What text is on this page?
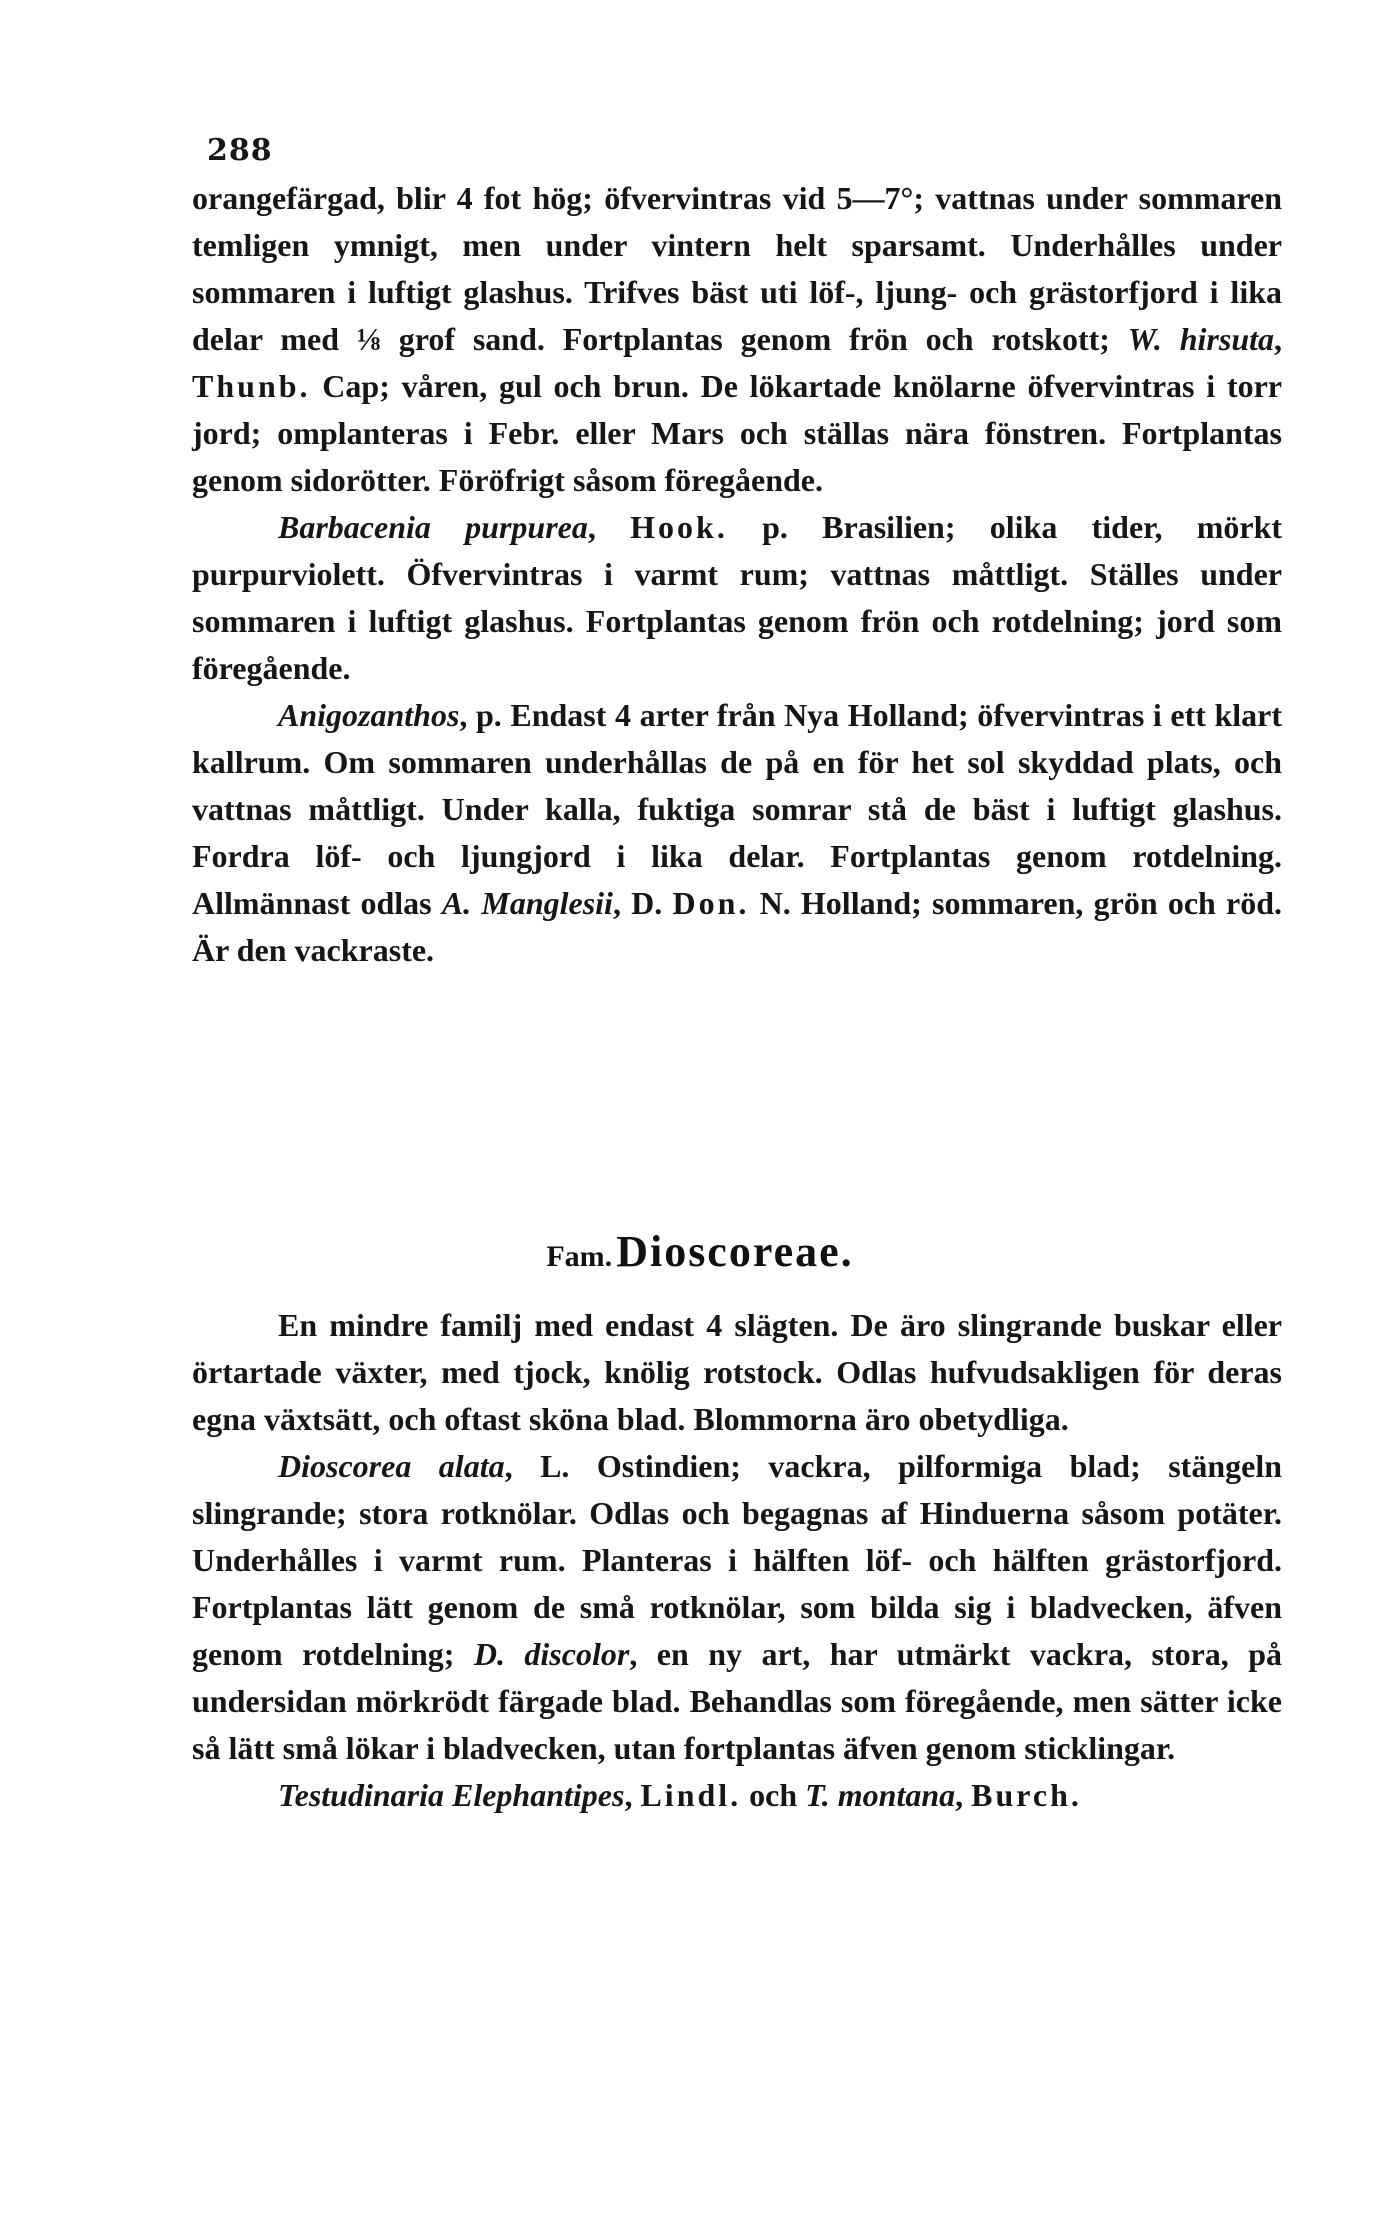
288

orangefärgad, blir 4 fot hög; öfvervintras vid 5—7°; vattnas under sommaren temligen ymnigt, men under vintern helt sparsamt. Underhålles under sommaren i luftigt glashus. Trifves bäst uti löf-, ljung- och grästorfjord i lika delar med ⅛ grof sand. Fortplantas genom frön och rotskott; W. hirsuta, Thunb. Cap; våren, gul och brun. De lökartade knölarne öfvervintras i torr jord; omplanteras i Febr. eller Mars och ställas nära fönstren. Fortplantas genom sidorötter. Föröfrigt såsom föregående.

Barbacenia purpurea, Hook. p. Brasilien; olika tider, mörkt purpurviolett. Öfvervintras i varmt rum; vattnas måttligt. Ställes under sommaren i luftigt glashus. Fortplantas genom frön och rotdelning; jord som föregående.

Anigozanthos, p. Endast 4 arter från Nya Holland; öfvervintras i ett klart kallrum. Om sommaren underhållas de på en för het sol skyddad plats, och vattnas måttligt. Under kalla, fuktiga somrar stå de bäst i luftigt glashus. Fordra löf- och ljungjord i lika delar. Fortplantas genom rotdelning. Allmännast odlas A. Manglesii, D. Don. N. Holland; sommaren, grön och röd. Är den vackraste.

Fam. Dioscoreae.

En mindre familj med endast 4 slägten. De äro slingrande buskar eller örtartade växter, med tjock, knölig rotstock. Odlas hufvudsakligen för deras egna växtsätt, och oftast sköna blad. Blommorna äro obetydliga.

Dioscorea alata, L. Ostindien; vackra, pilformiga blad; stängeln slingrande; stora rotknölar. Odlas och begagnas af Hinduerna såsom potäter. Underhålles i varmt rum. Planteras i hälften löf- och hälften grästorfjord. Fortplantas lätt genom de små rotknölar, som bilda sig i bladvecken, äfven genom rotdelning; D. discolor, en ny art, har utmärkt vackra, stora, på undersidan mörkrödt färgade blad. Behandlas som föregående, men sätter icke så lätt små lökar i bladvecken, utan fortplantas äfven genom sticklingar.

Testudinaria Elephantipes, Lindl. och T. montana, Burch.
